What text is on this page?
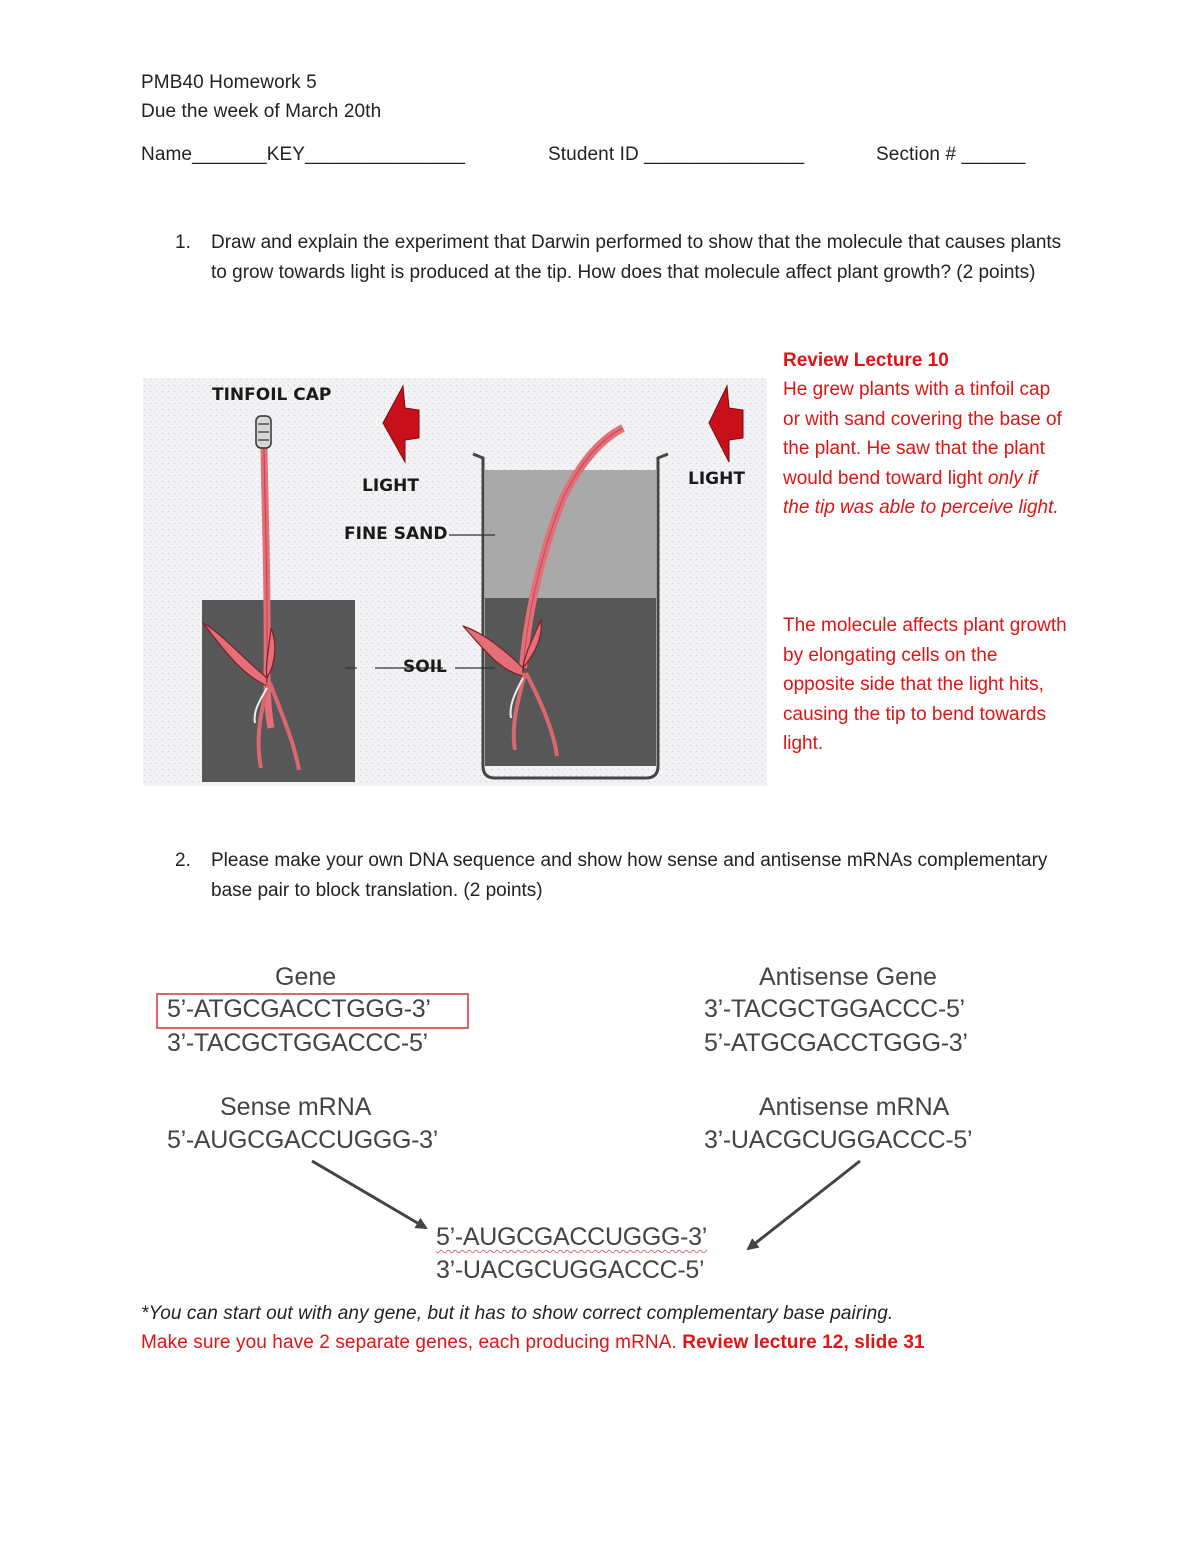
PMB40 Homework 5
Due the week of March 20th
Name_______KEY_______________	Student ID _______________	Section # ______
1. Draw and explain the experiment that Darwin performed to show that the molecule that causes plants to grow towards light is produced at the tip. How does that molecule affect plant growth? (2 points)
TINFOIL CAP
LIGHT	LIGHT
FINE SAND
SOIL
Review Lecture 10
He grew plants with a tinfoil cap or with sand covering the base of the plant. He saw that the plant would bend toward light only if the tip was able to perceive light.
The molecule affects plant growth by elongating cells on the opposite side that the light hits, causing the tip to bend towards light.
2. Please make your own DNA sequence and show how sense and antisense mRNAs complementary base pair to block translation. (2 points)
Gene
5’-ATGCGACCTGGG-3’
3’-TACGCTGGACCC-5’
Antisense Gene
3’-TACGCTGGACCC-5’
5’-ATGCGACCTGGG-3’
Sense mRNA
5’-AUGCGACCUGGG-3’
Antisense mRNA
3’-UACGCUGGACCC-5’
5’-AUGCGACCUGGG-3’
3’-UACGCUGGACCC-5’
*You can start out with any gene, but it has to show correct complementary base pairing.
Make sure you have 2 separate genes, each producing mRNA. Review lecture 12, slide 31
